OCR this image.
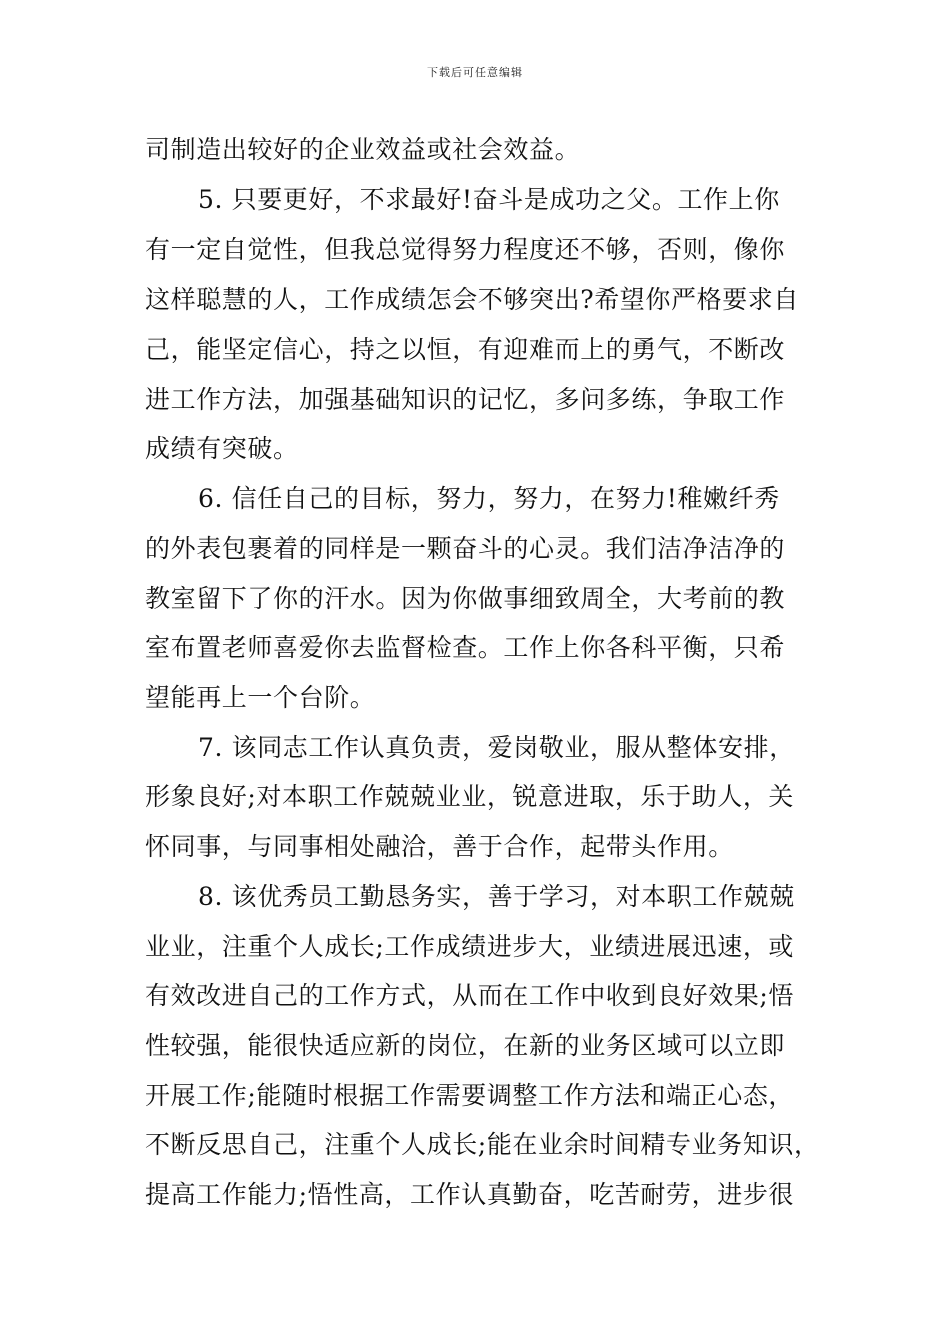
下载后可任意编辑
司制造出较好的企业效益或社会效益。
5. 只要更好，不求最好!奋斗是成功之父。工作上你
有一定自觉性，但我总觉得努力程度还不够，否则，像你
这样聪慧的人，工作成绩怎会不够突出?希望你严格要求自
己，能坚定信心，持之以恒，有迎难而上的勇气，不断改
进工作方法，加强基础知识的记忆，多问多练，争取工作
成绩有突破。
6. 信任自己的目标，努力，努力，在努力!稚嫩纤秀
的外表包裹着的同样是一颗奋斗的心灵。我们洁净洁净的
教室留下了你的汗水。因为你做事细致周全，大考前的教
室布置老师喜爱你去监督检查。工作上你各科平衡，只希
望能再上一个台阶。
7. 该同志工作认真负责，爱岗敬业，服从整体安排，
形象良好;对本职工作兢兢业业，锐意进取，乐于助人，关
怀同事，与同事相处融洽，善于合作，起带头作用。
8. 该优秀员工勤恳务实，善于学习，对本职工作兢兢
业业，注重个人成长;工作成绩进步大，业绩进展迅速，或
有效改进自己的工作方式，从而在工作中收到良好效果;悟
性较强，能很快适应新的岗位，在新的业务区域可以立即
开展工作;能随时根据工作需要调整工作方法和端正心态，
不断反思自己，注重个人成长;能在业余时间精专业务知识，
提高工作能力;悟性高，工作认真勤奋，吃苦耐劳，进步很
